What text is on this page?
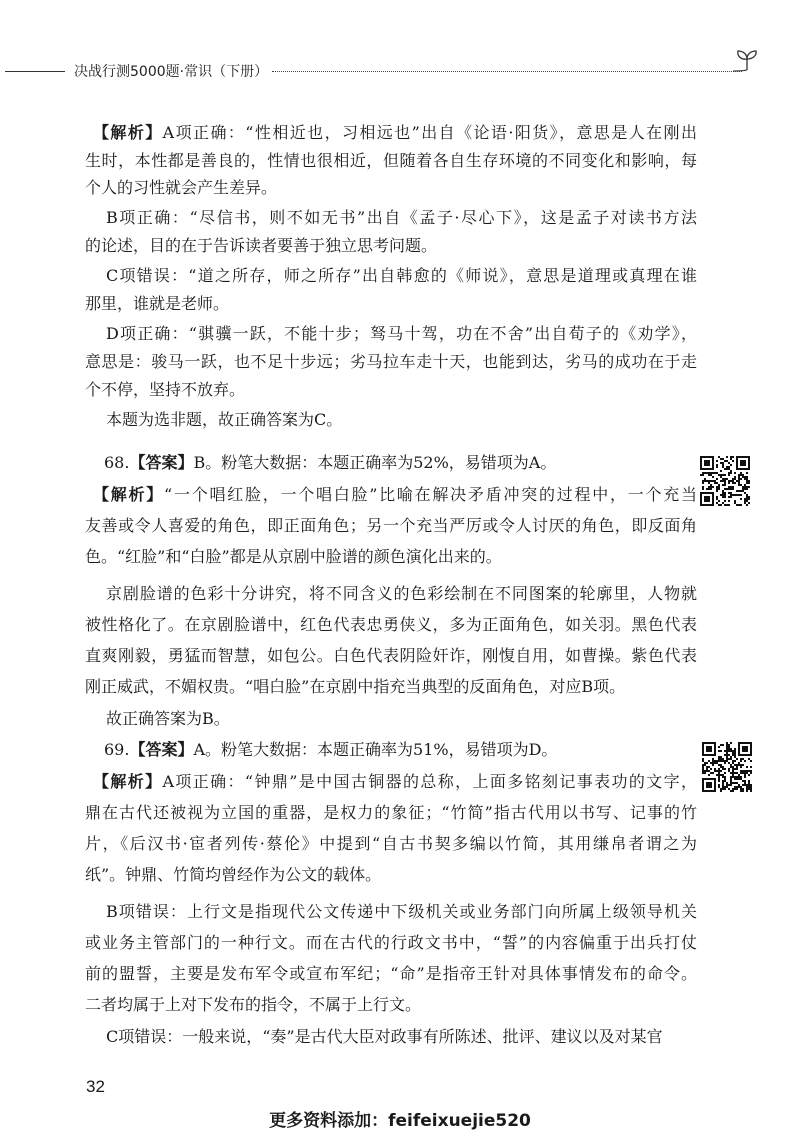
决战行测5000题·常识（下册）
【解析】A项正确：“性相近也，习相远也”出自《论语·阳货》，意思是人在刚出
生时，本性都是善良的，性情也很相近，但随着各自生存环境的不同变化和影响，每
个人的习性就会产生差异。
B项正确：“尽信书，则不如无书”出自《孟子·尽心下》，这是孟子对读书方法
的论述，目的在于告诉读者要善于独立思考问题。
C项错误：“道之所存，师之所存”出自韩愈的《师说》，意思是道理或真理在谁
那里，谁就是老师。
D项正确：“骐骥一跃，不能十步；驽马十驾，功在不舍”出自荀子的《劝学》，
意思是：骏马一跃，也不足十步远；劣马拉车走十天，也能到达，劣马的成功在于走
个不停，坚持不放弃。
本题为选非题，故正确答案为C。
68.【答案】B。粉笔大数据：本题正确率为52%，易错项为A。
【解析】“一个唱红脸，一个唱白脸”比喻在解决矛盾冲突的过程中，一个充当
友善或令人喜爱的角色，即正面角色；另一个充当严厉或令人讨厌的角色，即反面角
色。“红脸”和“白脸”都是从京剧中脸谱的颜色演化出来的。
京剧脸谱的色彩十分讲究，将不同含义的色彩绘制在不同图案的轮廓里，人物就
被性格化了。在京剧脸谱中，红色代表忠勇侠义，多为正面角色，如关羽。黑色代表
直爽刚毅，勇猛而智慧，如包公。白色代表阴险奸诈，刚愎自用，如曹操。紫色代表
刚正威武，不媚权贵。“唱白脸”在京剧中指充当典型的反面角色，对应B项。
故正确答案为B。
69.【答案】A。粉笔大数据：本题正确率为51%，易错项为D。
【解析】A项正确：“钟鼎”是中国古铜器的总称，上面多铭刻记事表功的文字，
鼎在古代还被视为立国的重器，是权力的象征；“竹简”指古代用以书写、记事的竹
片，《后汉书·宦者列传·蔡伦》中提到“自古书契多编以竹简，其用缣帛者谓之为
纸”。钟鼎、竹简均曾经作为公文的载体。
B项错误：上行文是指现代公文传递中下级机关或业务部门向所属上级领导机关
或业务主管部门的一种行文。而在古代的行政文书中，“誓”的内容偏重于出兵打仗
前的盟誓，主要是发布军令或宣布军纪；“命”是指帝王针对具体事情发布的命令。
二者均属于上对下发布的指令，不属于上行文。
C项错误：一般来说，“奏”是古代大臣对政事有所陈述、批评、建议以及对某官
32
更多资料添加：feifeixuejie520
